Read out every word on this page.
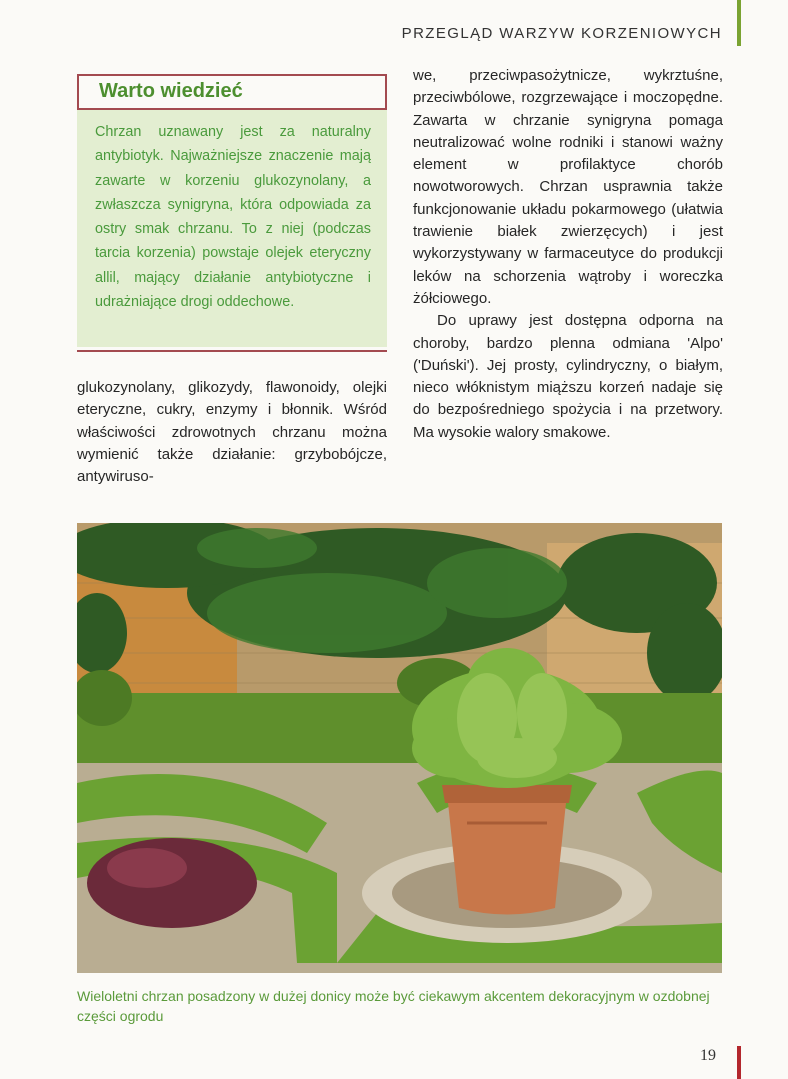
PRZEGLĄD WARZYW KORZENIOWYCH
Warto wiedzieć
Chrzan uznawany jest za naturalny antybiotyk. Najważniejsze znaczenie mają zawarte w korzeniu glukozynolany, a zwłaszcza synigryna, która odpowiada za ostry smak chrzanu. To z niej (podczas tarcia korzenia) powstaje olejek eteryczny allil, mający działanie antybiotyczne i udrażniające drogi oddechowe.

glukozynolany, glikozydy, flawonoidy, olejki eteryczne, cukry, enzymy i błonnik. Wśród właściwości zdrowotnych chrzanu można wymienić także działanie: grzybobójcze, antywiruso-

we, przeciwpasożytnicze, wykrztuśne, przeciwbólowe, rozgrzewające i moczopędne. Zawarta w chrzanie synigryna pomaga neutralizować wolne rodniki i stanowi ważny element w profilaktyce chorób nowotworowych. Chrzan usprawnia także funkcjonowanie układu pokarmowego (ułatwia trawienie białek zwierzęcych) i jest wykorzystywany w farmaceutyce do produkcji leków na schorzenia wątroby i woreczka żółciowego.

Do uprawy jest dostępna odporna na choroby, bardzo plenna odmiana 'Alpo' ('Duński'). Jej prosty, cylindryczny, o białym, nieco włóknistym miąższu korzeń nadaje się do bezpośredniego spożycia i na przetwory. Ma wysokie walory smakowe.

Wieloletni chrzan posadzony w dużej donicy może być ciekawym akcentem dekoracyjnym w ozdobnej części ogrodu
19
